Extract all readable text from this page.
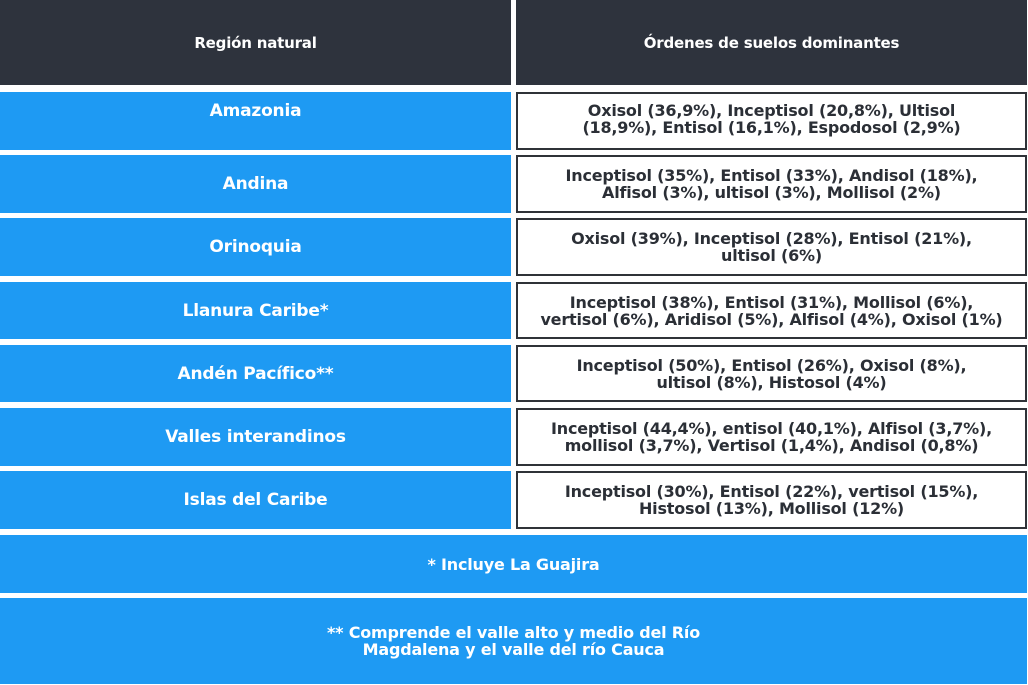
Región natural	Órdenes de suelos dominantes
Amazonia	Oxisol (36,9%), Inceptisol (20,8%), Ultisol
(18,9%), Entisol (16,1%), Espodosol (2,9%)
Andina	Inceptisol (35%), Entisol (33%), Andisol (18%),
Alfisol (3%), ultisol (3%), Mollisol (2%)
Orinoquia	Oxisol (39%), Inceptisol (28%), Entisol (21%),
ultisol (6%)
Llanura Caribe*	Inceptisol (38%), Entisol (31%), Mollisol (6%),
vertisol (6%), Aridisol (5%), Alfisol (4%), Oxisol (1%)
Andén Pacífico**	Inceptisol (50%), Entisol (26%), Oxisol (8%),
ultisol (8%), Histosol (4%)
Valles interandinos	Inceptisol (44,4%), entisol (40,1%), Alfisol (3,7%),
mollisol (3,7%), Vertisol (1,4%), Andisol (0,8%)
Islas del Caribe	Inceptisol (30%), Entisol (22%), vertisol (15%),
Histosol (13%), Mollisol (12%)
* Incluye La Guajira
** Comprende el valle alto y medio del Río
Magdalena y el valle del río Cauca
